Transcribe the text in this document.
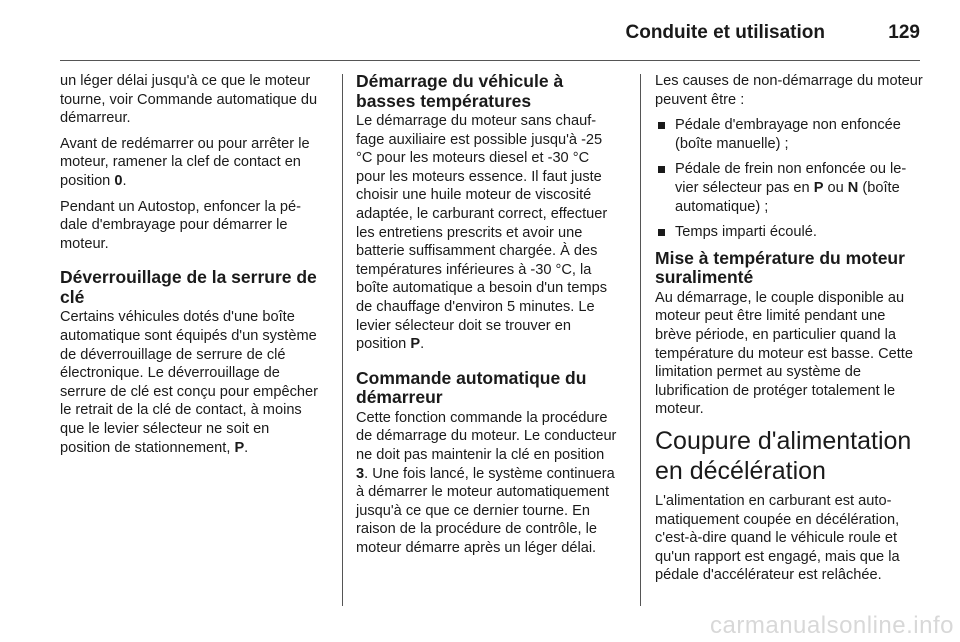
Conduite et utilisation	129

un léger délai jusqu'à ce que le moteur tourne, voir Commande automatique du démarreur.

Avant de redémarrer ou pour arrêter le moteur, ramener la clef de contact en position 0.

Pendant un Autostop, enfoncer la pédale d'embrayage pour démarrer le moteur.

Déverrouillage de la serrure de clé

Certains véhicules dotés d'une boîte automatique sont équipés d'un système de déverrouillage de serrure de clé électronique. Le déverrouillage de serrure de clé est conçu pour empêcher le retrait de la clé de contact, à moins que le levier sélecteur ne soit en position de stationnement, P.

Démarrage du véhicule à basses températures

Le démarrage du moteur sans chauffage auxiliaire est possible jusqu'à -25 °C pour les moteurs diesel et -30 °C pour les moteurs essence. Il faut juste choisir une huile moteur de viscosité adaptée, le carburant correct, effectuer les entretiens prescrits et avoir une batterie suffisamment chargée. À des températures inférieures à -30 °C, la boîte automatique a besoin d'un temps de chauffage d'environ 5 minutes. Le levier sélecteur doit se trouver en position P.

Commande automatique du démarreur

Cette fonction commande la procédure de démarrage du moteur. Le conducteur ne doit pas maintenir la clé en position 3. Une fois lancé, le système continuera à démarrer le moteur automatiquement jusqu'à ce que ce dernier tourne. En raison de la procédure de contrôle, le moteur démarre après un léger délai.

Les causes de non-démarrage du moteur peuvent être :

Pédale d'embrayage non enfoncée (boîte manuelle) ;
Pédale de frein non enfoncée ou levier sélecteur pas en P ou N (boîte automatique) ;
Temps imparti écoulé.
Mise à température du moteur suralimenté

Au démarrage, le couple disponible au moteur peut être limité pendant une brève période, en particulier quand la température du moteur est basse. Cette limitation permet au système de lubrification de protéger totalement le moteur.

Coupure d'alimentation en décélération

L'alimentation en carburant est automatiquement coupée en décélération, c'est-à-dire quand le véhicule roule et qu'un rapport est engagé, mais que la pédale d'accélérateur est relâchée.

carmanualsonline.info
